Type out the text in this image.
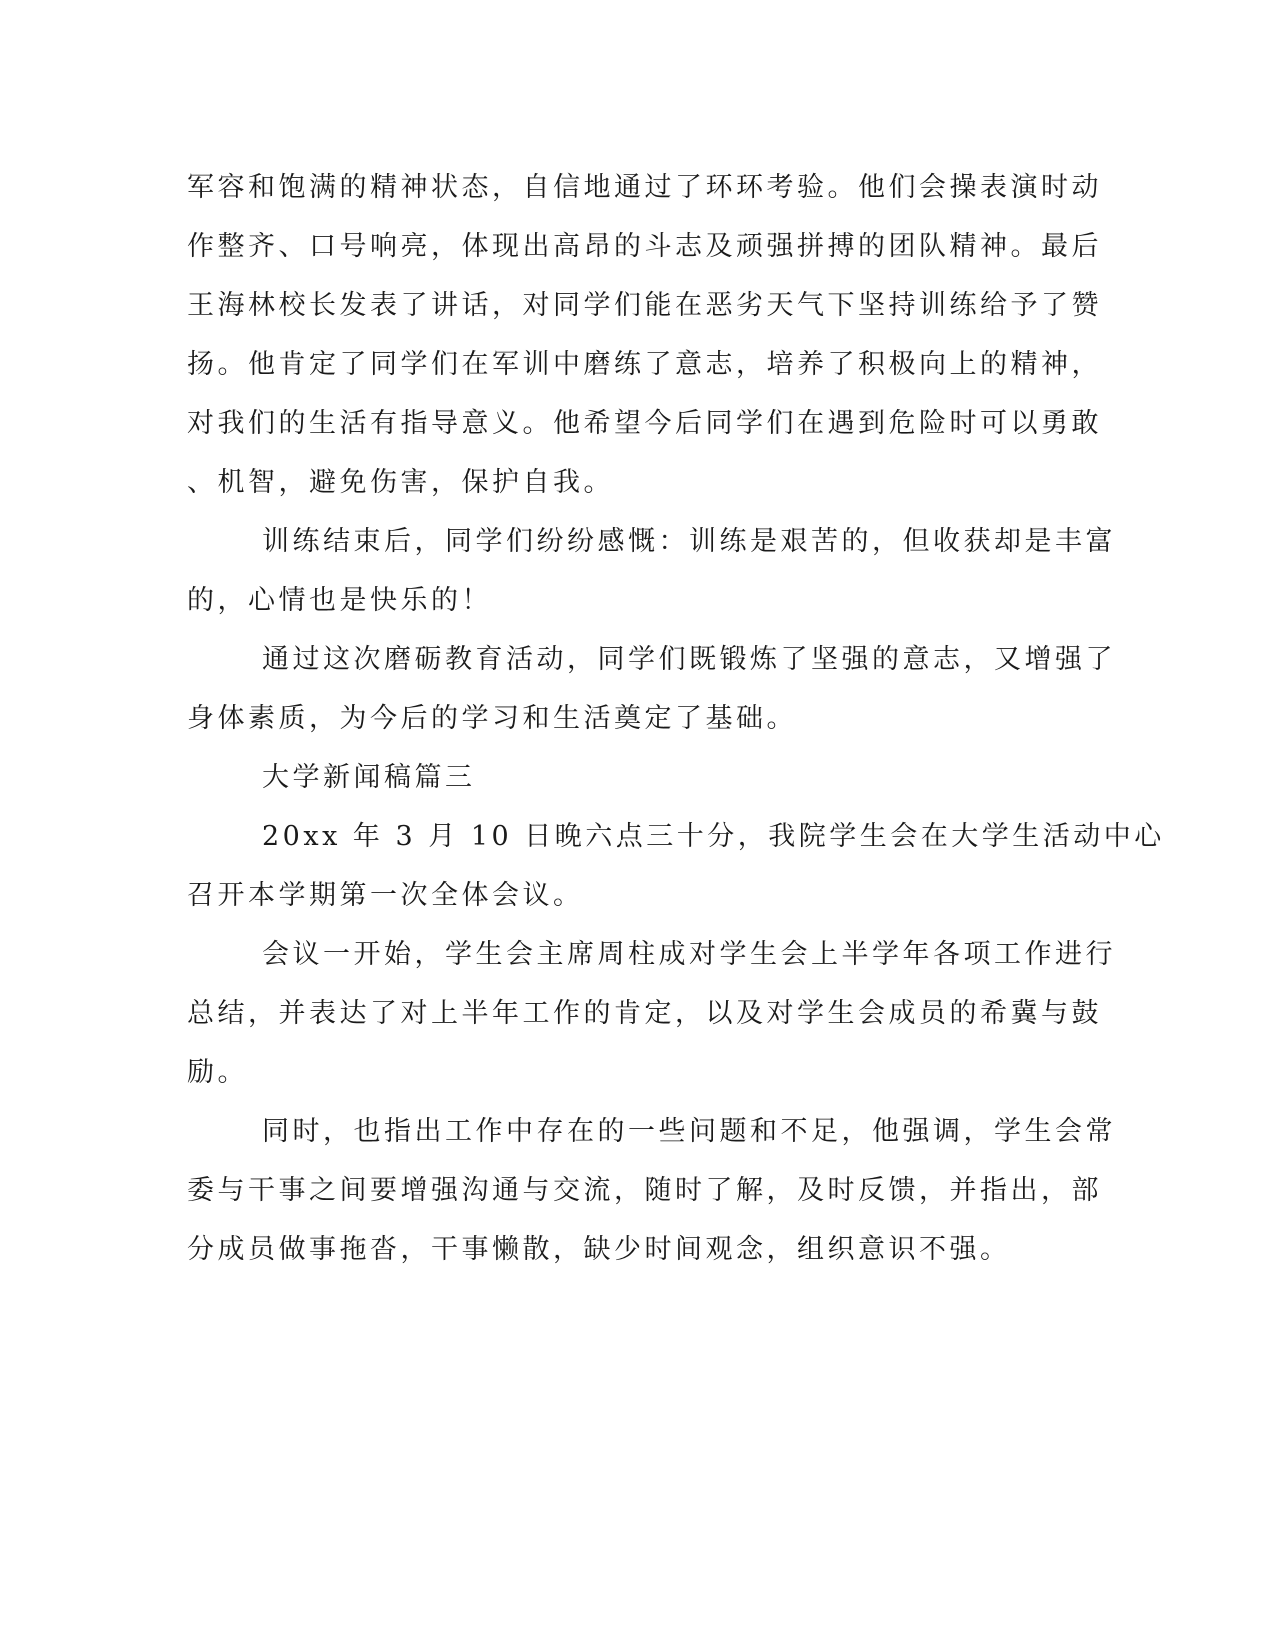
军容和饱满的精神状态，自信地通过了环环考验。他们会操表演时动
作整齐、口号响亮，体现出高昂的斗志及顽强拼搏的团队精神。最后
王海林校长发表了讲话，对同学们能在恶劣天气下坚持训练给予了赞
扬。他肯定了同学们在军训中磨练了意志，培养了积极向上的精神，
对我们的生活有指导意义。他希望今后同学们在遇到危险时可以勇敢
、机智，避免伤害，保护自我。
训练结束后，同学们纷纷感慨：训练是艰苦的，但收获却是丰富
的，心情也是快乐的！
通过这次磨砺教育活动，同学们既锻炼了坚强的意志，又增强了
身体素质，为今后的学习和生活奠定了基础。
大学新闻稿篇三
20xx 年 3 月 10 日晚六点三十分，我院学生会在大学生活动中心
召开本学期第一次全体会议。
会议一开始，学生会主席周柱成对学生会上半学年各项工作进行
总结，并表达了对上半年工作的肯定，以及对学生会成员的希冀与鼓
励。
同时，也指出工作中存在的一些问题和不足，他强调，学生会常
委与干事之间要增强沟通与交流，随时了解，及时反馈，并指出，部
分成员做事拖沓，干事懒散，缺少时间观念，组织意识不强。
